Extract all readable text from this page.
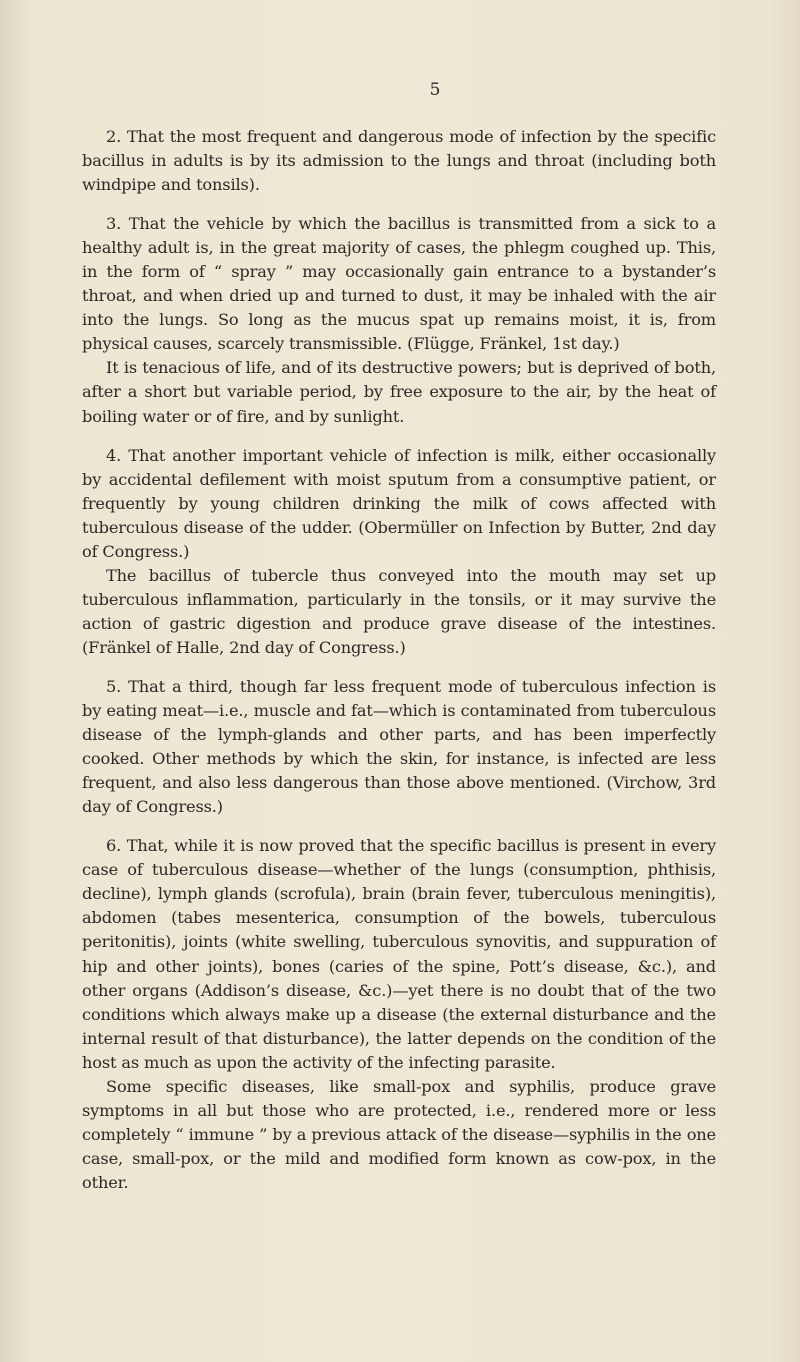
5

2. That the most frequent and dangerous mode of infection by the specific bacillus in adults is by its admission to the lungs and throat (including both windpipe and tonsils).

3. That the vehicle by which the bacillus is transmitted from a sick to a healthy adult is, in the great majority of cases, the phlegm coughed up. This, in the form of “ spray ” may occasionally gain entrance to a bystander’s throat, and when dried up and turned to dust, it may be inhaled with the air into the lungs. So long as the mucus spat up remains moist, it is, from physical causes, scarcely transmissible. (Flügge, Fränkel, 1st day.)

It is tenacious of life, and of its destructive powers; but is deprived of both, after a short but variable period, by free exposure to the air, by the heat of boiling water or of fire, and by sunlight.

4. That another important vehicle of infection is milk, either occasionally by accidental defilement with moist sputum from a consumptive patient, or frequently by young children drinking the milk of cows affected with tuberculous disease of the udder. (Obermüller on Infection by Butter, 2nd day of Congress.)

The bacillus of tubercle thus conveyed into the mouth may set up tuberculous inflammation, particularly in the tonsils, or it may survive the action of gastric digestion and produce grave disease of the intestines. (Fränkel of Halle, 2nd day of Congress.)

5. That a third, though far less frequent mode of tuberculous infection is by eating meat—i.e., muscle and fat—which is contaminated from tuberculous disease of the lymph-glands and other parts, and has been imperfectly cooked. Other methods by which the skin, for instance, is infected are less frequent, and also less dangerous than those above mentioned. (Virchow, 3rd day of Congress.)

6. That, while it is now proved that the specific bacillus is present in every case of tuberculous disease—whether of the lungs (consumption, phthisis, decline), lymph glands (scrofula), brain (brain fever, tuberculous meningitis), abdomen (tabes mesenterica, consumption of the bowels, tuberculous peritonitis), joints (white swelling, tuberculous synovitis, and suppuration of hip and other joints), bones (caries of the spine, Pott’s disease, &c.), and other organs (Addison’s disease, &c.)—yet there is no doubt that of the two conditions which always make up a disease (the external disturbance and the internal result of that disturbance), the latter depends on the condition of the host as much as upon the activity of the infecting parasite.

Some specific diseases, like small-pox and syphilis, produce grave symptoms in all but those who are protected, i.e., rendered more or less completely “ immune ” by a previous attack of the disease—syphilis in the one case, small-pox, or the mild and modified form known as cow-pox, in the other.
